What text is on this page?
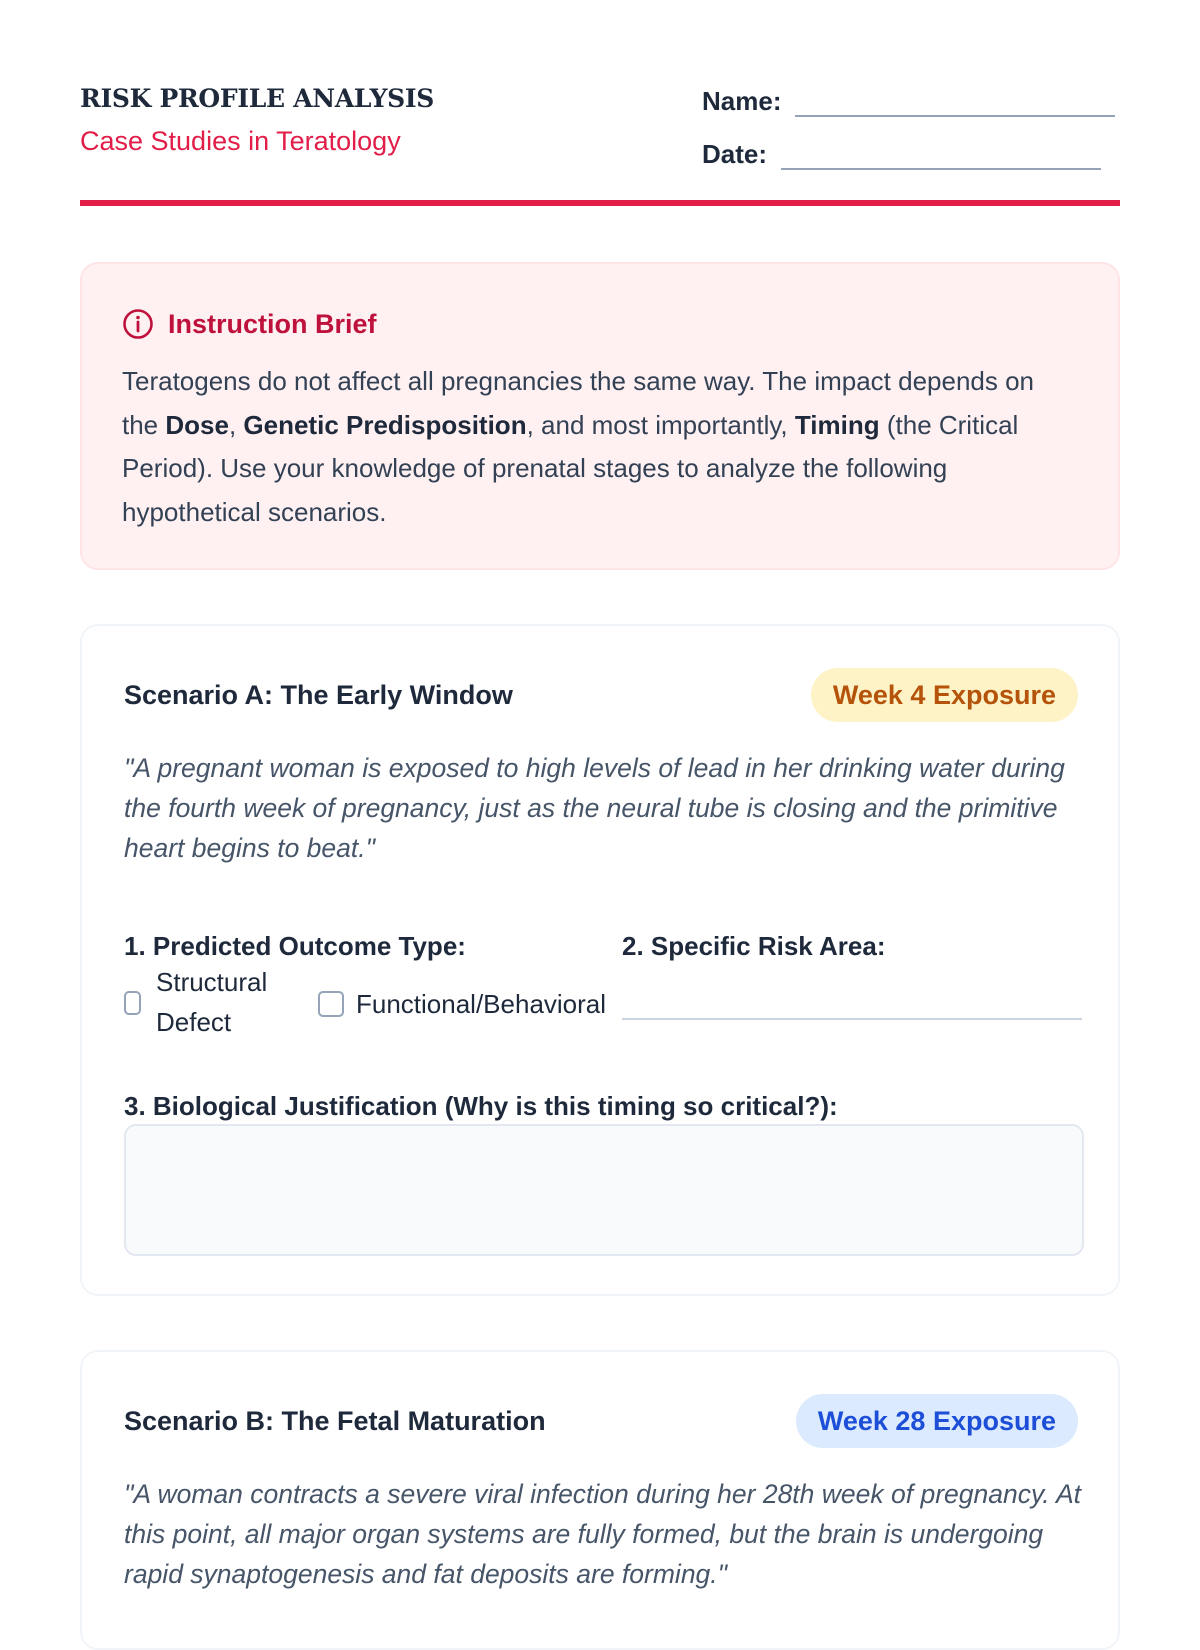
RISK PROFILE ANALYSIS

Case Studies in Teratology

Name:
Date:
Instruction Brief

Teratogens do not affect all pregnancies the same way. The impact depends on the Dose, Genetic Predisposition, and most importantly, Timing (the Critical Period). Use your knowledge of prenatal stages to analyze the following hypothetical scenarios.

Scenario A: The Early Window	Week 4 Exposure

"A pregnant woman is exposed to high levels of lead in her drinking water during the fourth week of pregnancy, just as the neural tube is closing and the primitive heart begins to beat."

1. Predicted Outcome Type:	2. Specific Risk Area:

Structural Defect
Functional/Behavioral

3. Biological Justification (Why is this timing so critical?):

Scenario B: The Fetal Maturation	Week 28 Exposure

"A woman contracts a severe viral infection during her 28th week of pregnancy. At this point, all major organ systems are fully formed, but the brain is undergoing rapid synaptogenesis and fat deposits are forming."
